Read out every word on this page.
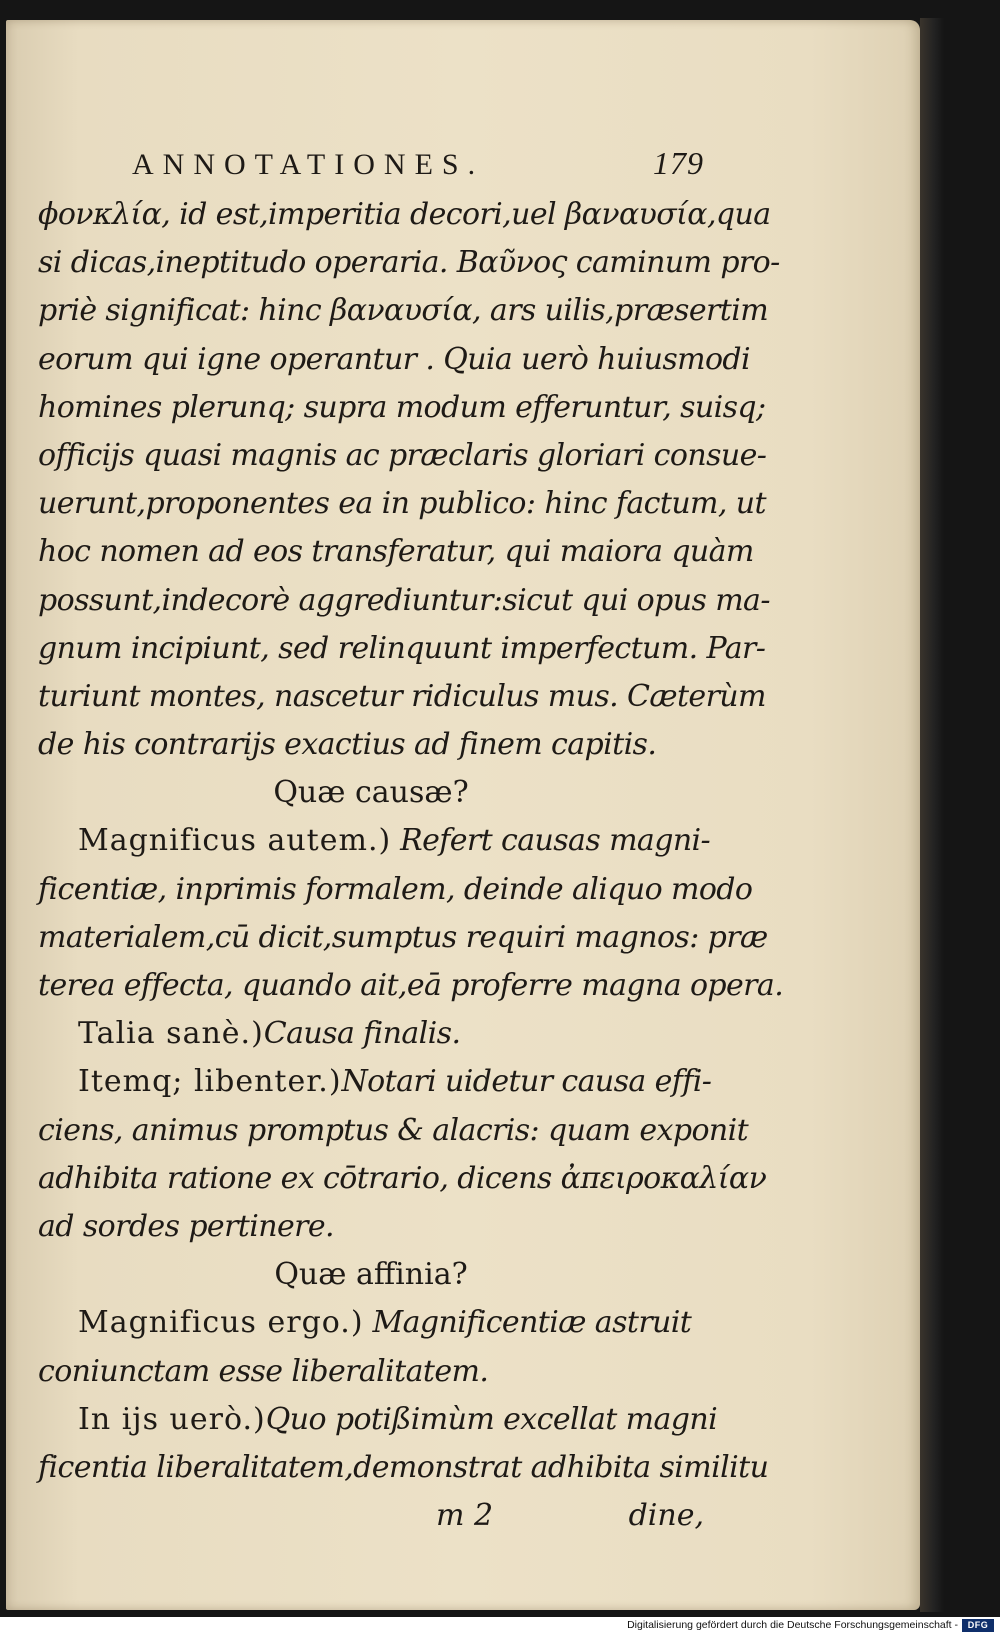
ANNOTATIONES.	179
ϕονκλία, id est,imperitia decori,uel βαναυσία,qua
si dicas,ineptitudo operaria. Βαῦνος caminum pro-
priè significat: hinc βαναυσία, ars uilis,præsertim
eorum qui igne operantur . Quia uerò huiusmodi
homines plerunq; supra modum efferuntur, suisq;
officijs quasi magnis ac præclaris gloriari consue-
uerunt,proponentes ea in publico: hinc factum, ut
hoc nomen ad eos transferatur, qui maiora quàm
possunt,indecorè aggrediuntur:sicut qui opus ma-
gnum incipiunt, sed relinquunt imperfectum. Par-
turiunt montes, nascetur ridiculus mus. Cæterùm
de his contrarijs exactius ad finem capitis.
Quæ causæ?
Magnificus autem.) Refert causas magni-
ficentiæ, inprimis formalem, deinde aliquo modo
materialem,cū dicit,sumptus requiri magnos: præ
terea effecta, quando ait,eā proferre magna opera.
Talia sanè.)Causa finalis.
Itemq; libenter.)Notari uidetur causa effi-
ciens, animus promptus & alacris: quam exponit
adhibita ratione ex cōtrario, dicens ἀπειροκαλίαν
ad sordes pertinere.
Quæ affinia?
Magnificus ergo.) Magnificentiæ astruit
coniunctam esse liberalitatem.
In ijs uerò.)Quo potißimùm excellat magni
ficentia liberalitatem,demonstrat adhibita similitu
m 2	dine,
Digitalisierung gefördert durch die Deutsche Forschungsgemeinschaft -	DFG
